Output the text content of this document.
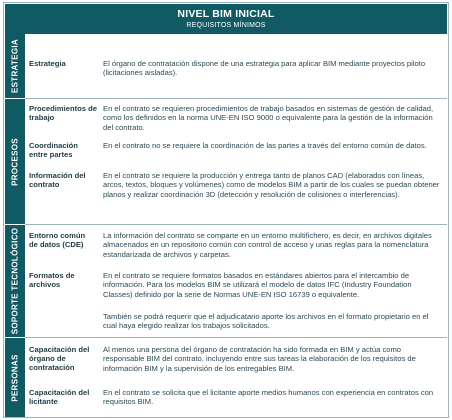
NIVEL BIM INICIAL
REQUISITOS MÍNIMOS
ESTRATEGIA
PROCESOS
SOPORTE TECNOLÓGICO
PERSONAS
Estrategia	El órgano de contratación dispone de una estrategia para aplicar BIM mediante proyectos piloto (licitaciones aisladas).
Procedimientos de trabajo
En el contrato se requieren procedimientos de trabajo basados en sistemas de gestión de calidad, como los definidos en la norma UNE-EN ISO 9000 o equivalente para la gestión de la información del contrato.
Coordinación entre partes
En el contrato no se requiere la coordinación de las partes a través del entorno común de datos.
Información del contrato
En el contrato se requiere la producción y entrega tanto de planos CAD (elaborados con líneas, arcos, textos, bloques y volúmenes) como de modelos BIM a partir de los cuales se puedan obtener planos y realizar coordinación 3D (detección y resolución de colisiones o interferencias).
Entorno común de datos (CDE)
La información del contrato se comparte en un entorno multifichero, es decir, en archivos digitales almacenados en un repositorio común con control de acceso y unas reglas para la nomenclatura estandarizada de archivos y carpetas.
Formatos de archivos
En el contrato se requiere formatos basados en estándares abiertos para el intercambio de información. Para los modelos BIM se utilizará el modelo de datos IFC (Industry Foundation Classes) definido por la serie de Normas UNE-EN ISO 16739 o equivalente.
También se podrá requerir que el adjudicatario aporte los archivos en el formato propietario en el cual haya elegido realizar los trabajos solicitados.
Capacitación del órgano de contratación
Al menos una persona del órgano de contratación ha sido formada en BIM y actúa como responsable BIM del contrato, incluyendo entre sus tareas la elaboración de los requisitos de información BIM y la supervisión de los entregables BIM.
Capacitación del licitante
En el contrato se solicita que el licitante aporte medios humanos con experiencia en contratos con requisitos BIM.
